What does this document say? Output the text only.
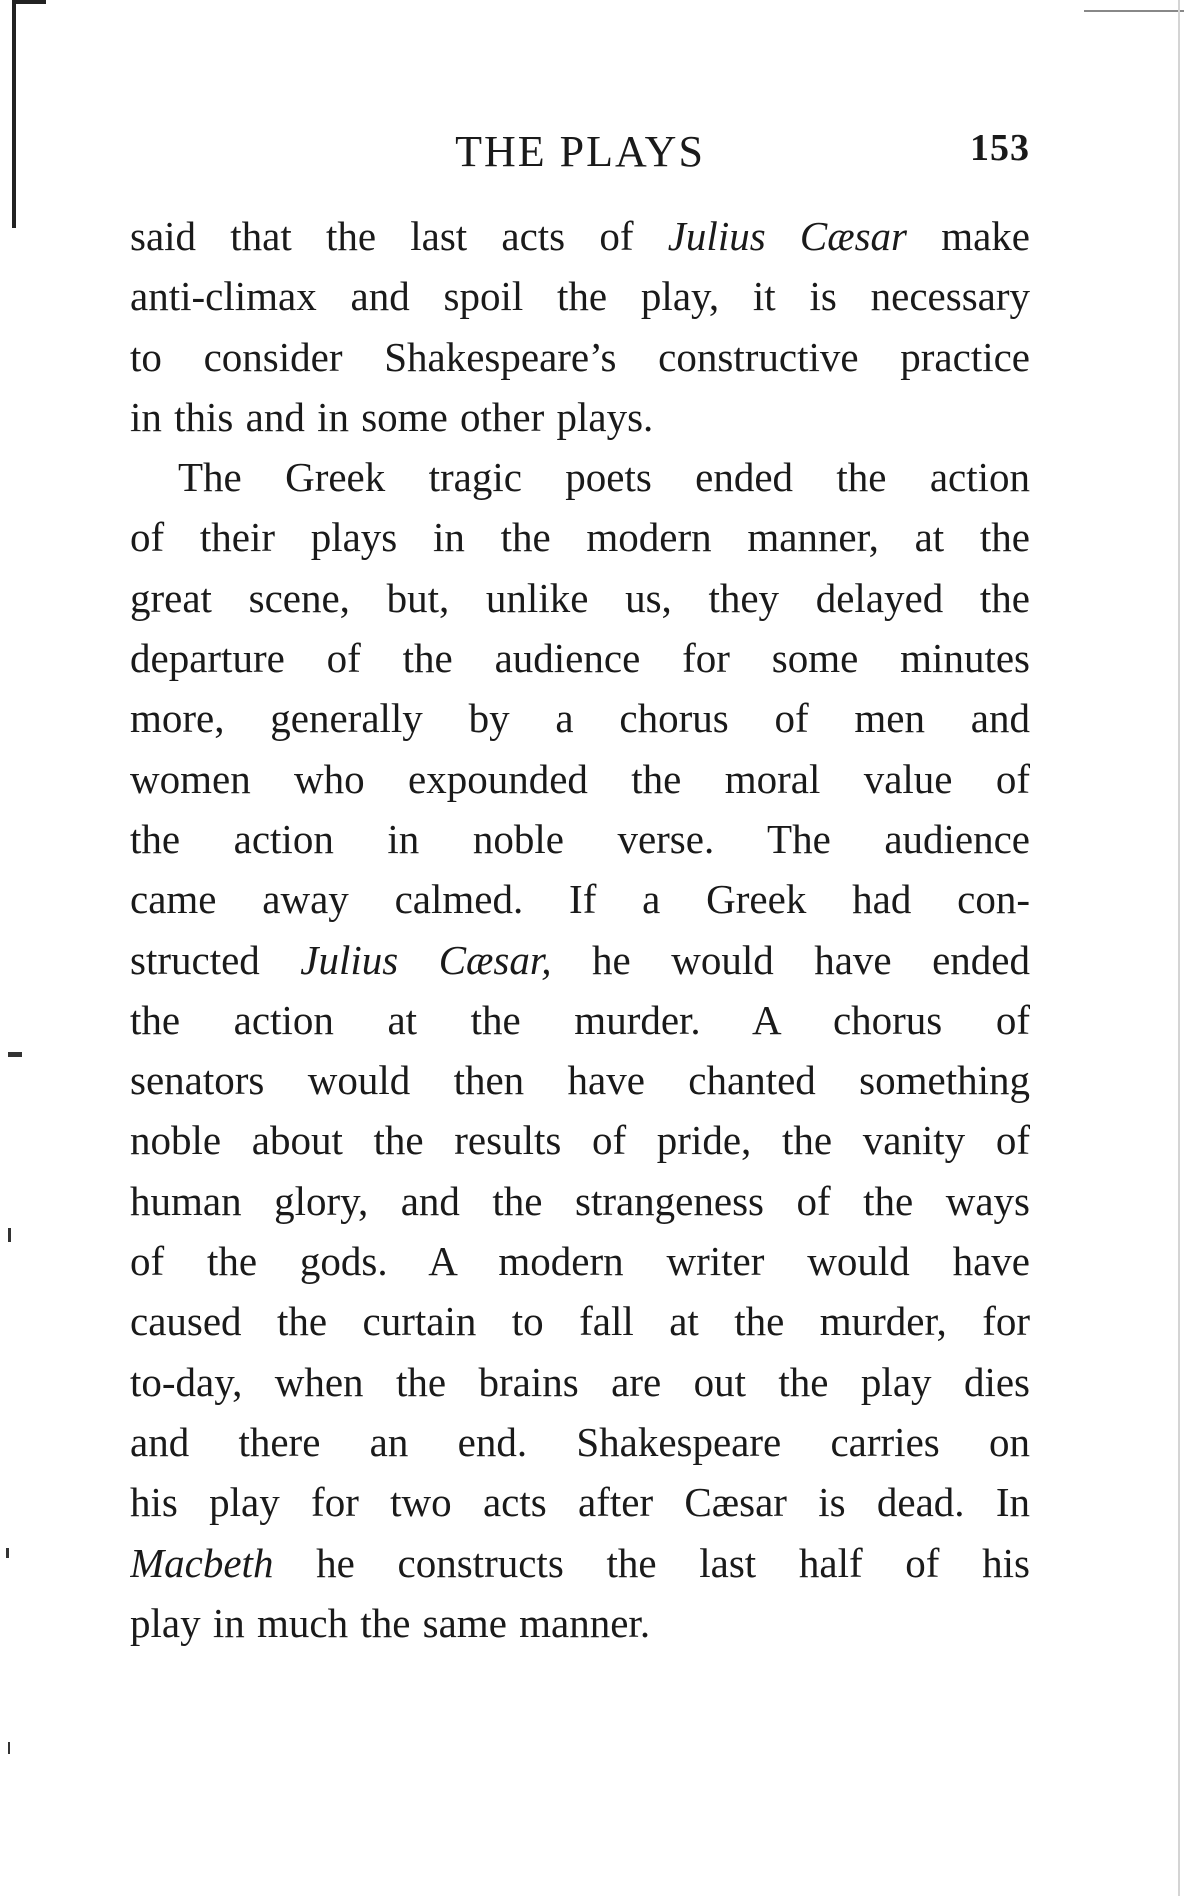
THE PLAYS	153
said that the last acts of Julius Cæsar make
anti-climax and spoil the play, it is necessary
to consider Shakespeare’s constructive practice
in this and in some other plays.
The Greek tragic poets ended the action
of their plays in the modern manner, at the
great scene, but, unlike us, they delayed the
departure of the audience for some minutes
more, generally by a chorus of men and
women who expounded the moral value of
the action in noble verse. The audience
came away calmed. If a Greek had con-
structed Julius Cæsar, he would have ended
the action at the murder. A chorus of
senators would then have chanted something
noble about the results of pride, the vanity of
human glory, and the strangeness of the ways
of the gods. A modern writer would have
caused the curtain to fall at the murder, for
to-day, when the brains are out the play dies
and there an end. Shakespeare carries on
his play for two acts after Cæsar is dead. In
Macbeth he constructs the last half of his
play in much the same manner.
